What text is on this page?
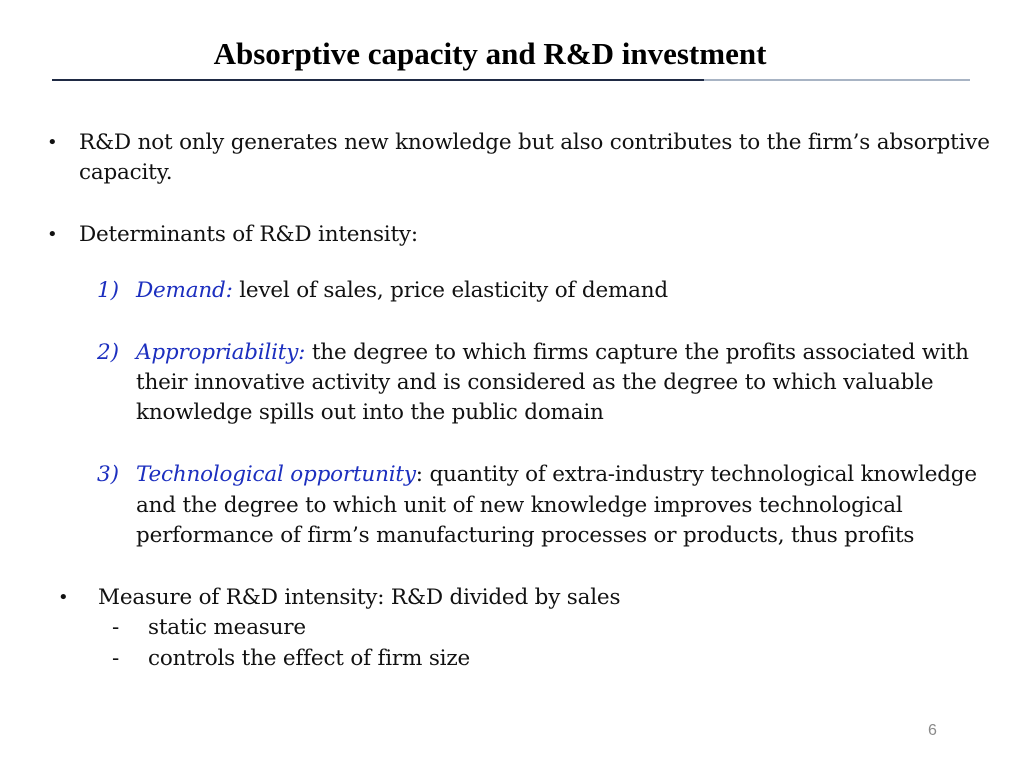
Absorptive capacity and R&D investment
• R&D not only generates new knowledge but also contributes to the firm’s absorptive
capacity.
• Determinants of R&D intensity:
1) Demand: level of sales, price elasticity of demand
2) Appropriability: the degree to which firms capture the profits associated with
their innovative activity and is considered as the degree to which valuable
knowledge spills out into the public domain
3) Technological opportunity: quantity of extra-industry technological knowledge
and the degree to which unit of new knowledge improves technological
performance of firm’s manufacturing processes or products, thus profits
• Measure of R&D intensity: R&D divided by sales
- static measure
- controls the effect of firm size
6
